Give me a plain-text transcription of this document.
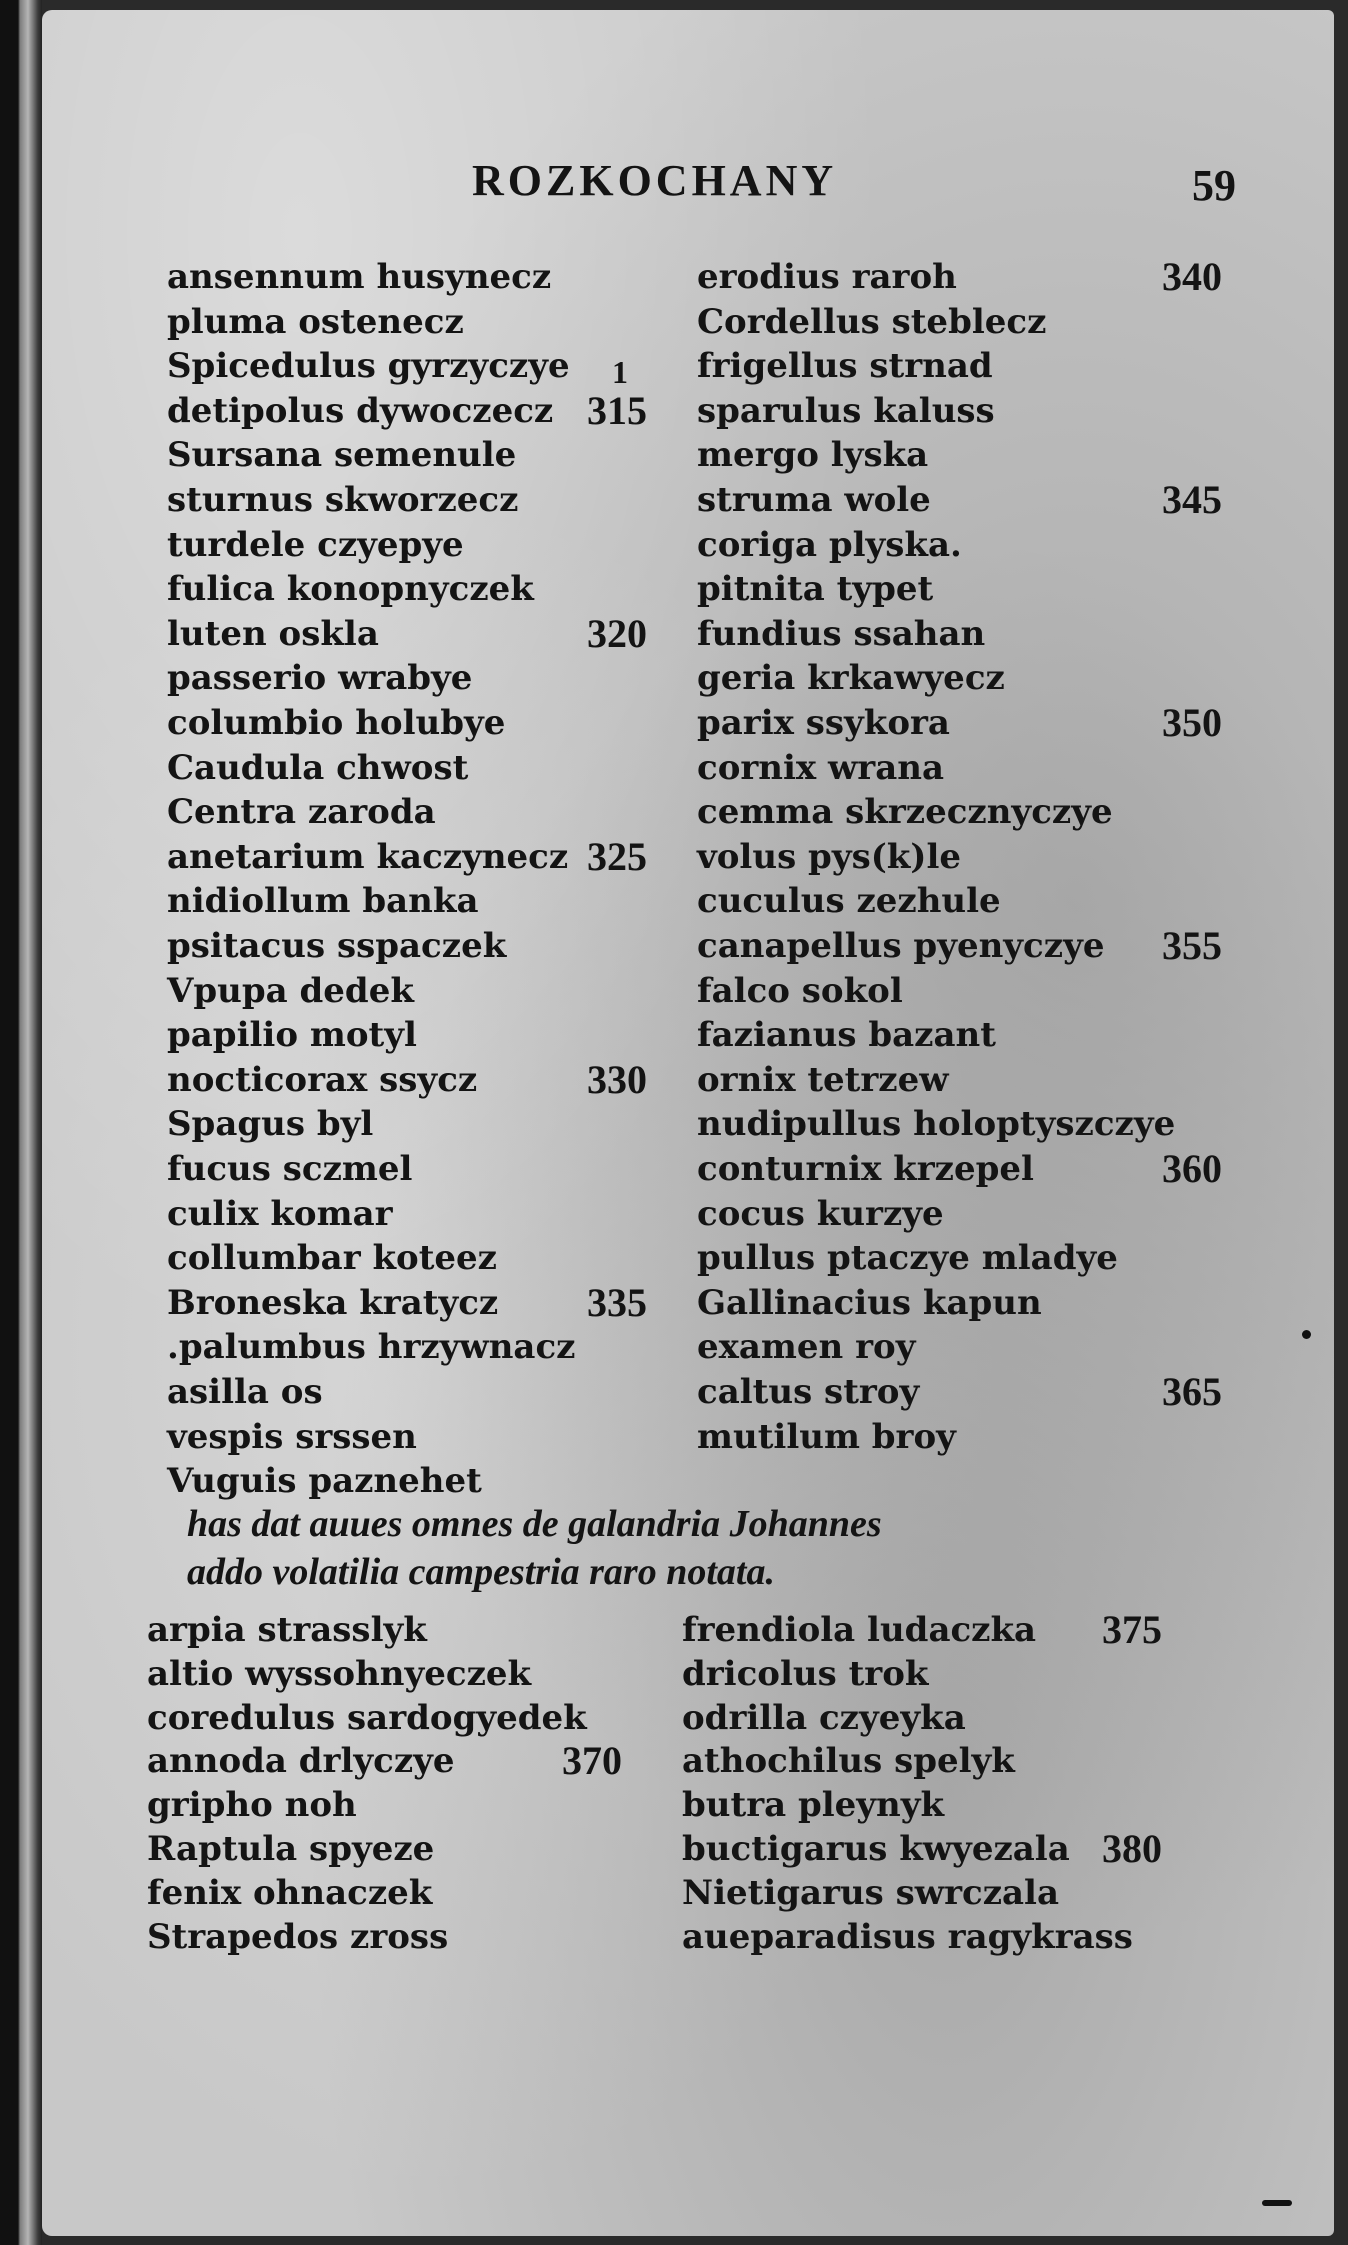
ROZKOCHANY	59
ansennum husynecz
pluma ostenecz
Spicedulus gyrzyczye
detipolus dywoczecz
Sursana semenule
sturnus skworzecz
turdele czyepye
fulica konopnyczek
luten oskla
passerio wrabye
columbio holubye
Caudula chwost
Centra zaroda
anetarium kaczynecz
nidiollum banka
psitacus sspaczek
Vpupa dedek
papilio motyl
nocticorax ssycz
Spagus byl
fucus sczmel
culix komar
collumbar koteez
Broneska kratycz
.palumbus hrzywnacz
asilla os
vespis srssen
Vuguis paznehet
315
320
325
330
335
erodius raroh
Cordellus steblecz
frigellus strnad
sparulus kaluss
mergo lyska
struma wole
coriga plyska.
pitnita typet
fundius ssahan
geria krkawyecz
parix ssykora
cornix wrana
cemma skrzecznyczye
volus pys(k)le
cuculus zezhule
canapellus pyenyczye
falco sokol
fazianus bazant
ornix tetrzew
nudipullus holoptyszczye
conturnix krzepel
cocus kurzye
pullus ptaczye mladye
Gallinacius kapun
examen roy
caltus stroy
mutilum broy
340
345
350
355
360
365
1
has dat auues omnes de galandria Johannes
addo volatilia campestria raro notata.
arpia strasslyk
altio wyssohnyeczek
coredulus sardogyedek
annoda drlyczye
gripho noh
Raptula spyeze
fenix ohnaczek
Strapedos zross
370
frendiola ludaczka
dricolus trok
odrilla czyeyka
athochilus spelyk
butra pleynyk
buctigarus kwyezala
Nietigarus swrczala
aueparadisus ragykrass
375
380
